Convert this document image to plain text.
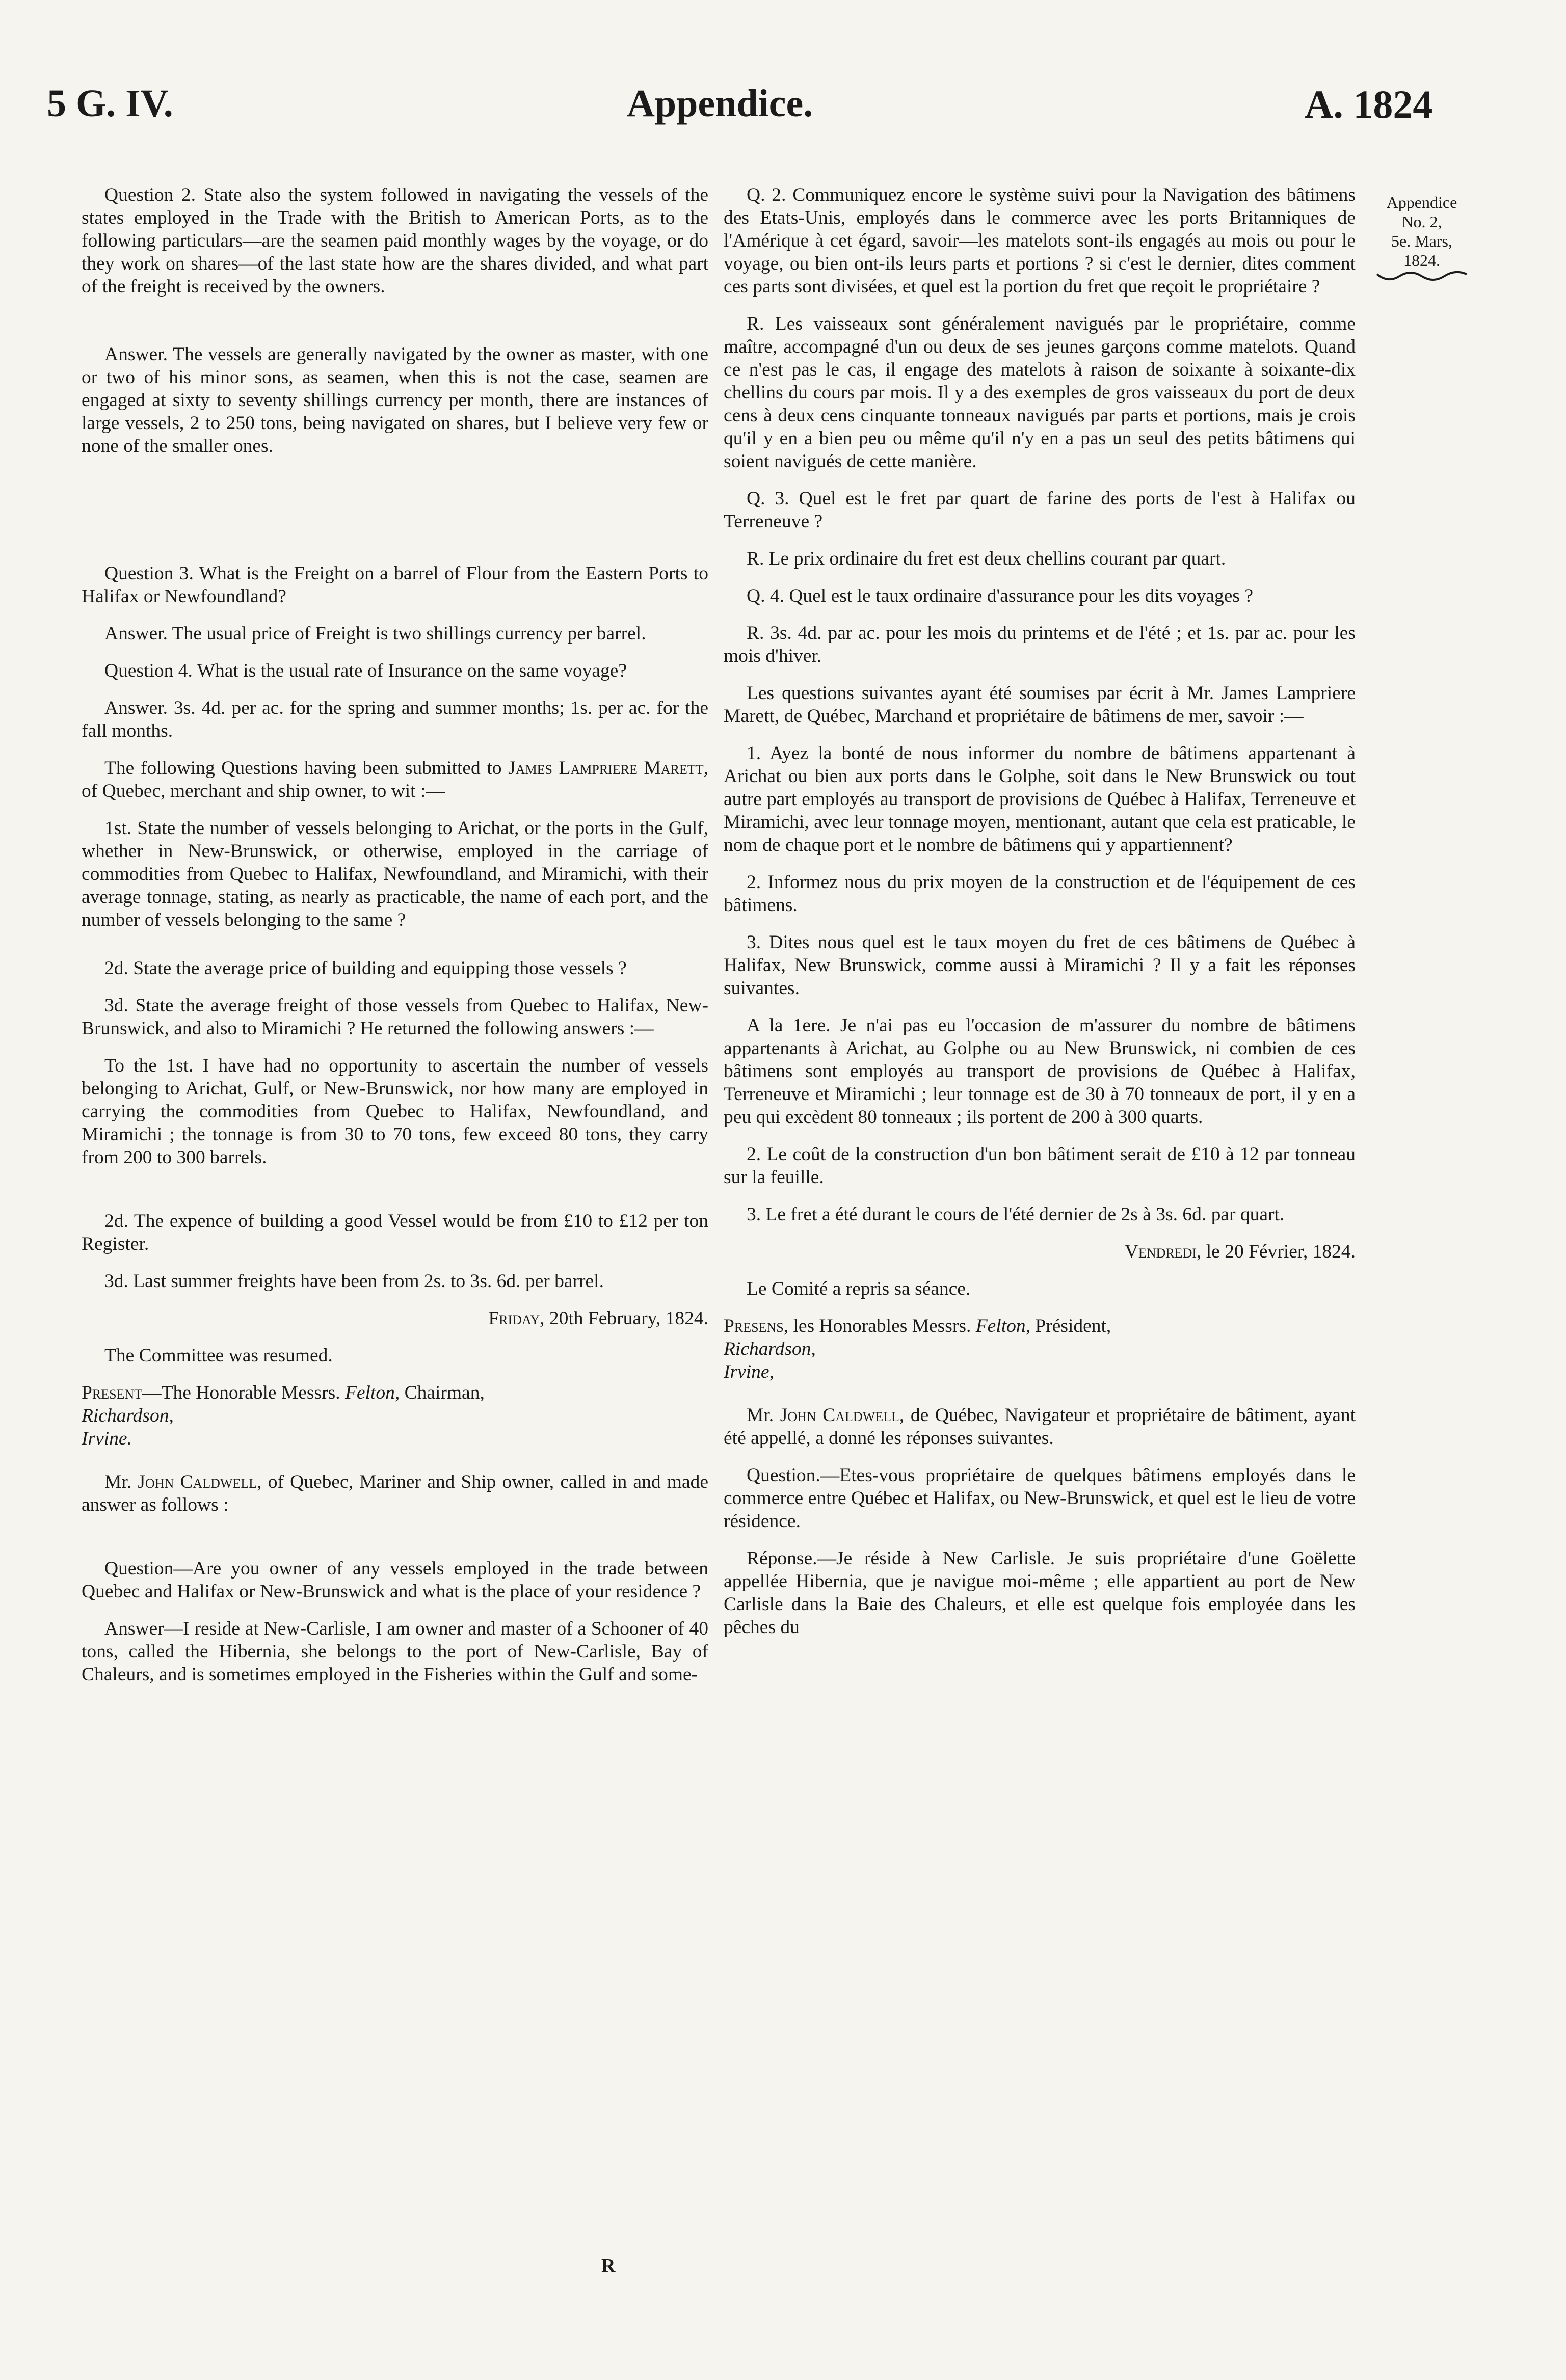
5 G. IV.	Appendice.	A. 1824

Question 2. State also the system followed in navigating the vessels of the states employed in the Trade with the British to American Ports, as to the following particulars—are the seamen paid monthly wages by the voyage, or do they work on shares—of the last state how are the shares divided, and what part of the freight is received by the owners.

Answer. The vessels are generally navigated by the owner as master, with one or two of his minor sons, as seamen, when this is not the case, seamen are engaged at sixty to seventy shillings currency per month, there are instances of large vessels, 2 to 250 tons, being navigated on shares, but I believe very few or none of the smaller ones.

Question 3. What is the Freight on a barrel of Flour from the Eastern Ports to Halifax or Newfoundland?

Answer. The usual price of Freight is two shillings currency per barrel.

Question 4. What is the usual rate of Insurance on the same voyage?

Answer. 3s. 4d. per ac. for the spring and summer months; 1s. per ac. for the fall months.

The following Questions having been submitted to James Lampriere Marett, of Quebec, merchant and ship owner, to wit :—

1st. State the number of vessels belonging to Arichat, or the ports in the Gulf, whether in New-Brunswick, or otherwise, employed in the carriage of commodities from Quebec to Halifax, Newfoundland, and Miramichi, with their average tonnage, stating, as nearly as practicable, the name of each port, and the number of vessels belonging to the same ?

2d. State the average price of building and equipping those vessels ?

3d. State the average freight of those vessels from Quebec to Halifax, New-Brunswick, and also to Miramichi ? He returned the following answers :—

To the 1st. I have had no opportunity to ascertain the number of vessels belonging to Arichat, Gulf, or New-Brunswick, nor how many are employed in carrying the commodities from Quebec to Halifax, Newfoundland, and Miramichi ; the tonnage is from 30 to 70 tons, few exceed 80 tons, they carry from 200 to 300 barrels.

2d. The expence of building a good Vessel would be from £10 to £12 per ton Register.

3d. Last summer freights have been from 2s. to 3s. 6d. per barrel.

Friday, 20th February, 1824.

The Committee was resumed.

Present—The Honorable Messrs. Felton, Chairman,

Richardson,

Irvine.

Mr. John Caldwell, of Quebec, Mariner and Ship owner, called in and made answer as follows :

Question—Are you owner of any vessels employed in the trade between Quebec and Halifax or New-Brunswick and what is the place of your residence ?

Answer—I reside at New-Carlisle, I am owner and master of a Schooner of 40 tons, called the Hibernia, she belongs to the port of New-Carlisle, Bay of Chaleurs, and is sometimes employed in the Fisheries within the Gulf and some-

Q. 2. Communiquez encore le système suivi pour la Navigation des bâtimens des Etats-Unis, employés dans le commerce avec les ports Britanniques de l'Amérique à cet égard, savoir—les matelots sont-ils engagés au mois ou pour le voyage, ou bien ont-ils leurs parts et portions ? si c'est le dernier, dites comment ces parts sont divisées, et quel est la portion du fret que reçoit le propriétaire ?

R. Les vaisseaux sont généralement navigués par le propriétaire, comme maître, accompagné d'un ou deux de ses jeunes garçons comme matelots. Quand ce n'est pas le cas, il engage des matelots à raison de soixante à soixante-dix chellins du cours par mois. Il y a des exemples de gros vaisseaux du port de deux cens à deux cens cinquante tonneaux navigués par parts et portions, mais je crois qu'il y en a bien peu ou même qu'il n'y en a pas un seul des petits bâtimens qui soient navigués de cette manière.

Q. 3. Quel est le fret par quart de farine des ports de l'est à Halifax ou Terreneuve ?

R. Le prix ordinaire du fret est deux chellins courant par quart.

Q. 4. Quel est le taux ordinaire d'assurance pour les dits voyages ?

R. 3s. 4d. par ac. pour les mois du printems et de l'été ; et 1s. par ac. pour les mois d'hiver.

Les questions suivantes ayant été soumises par écrit à Mr. James Lampriere Marett, de Québec, Marchand et propriétaire de bâtimens de mer, savoir :—

1. Ayez la bonté de nous informer du nombre de bâtimens appartenant à Arichat ou bien aux ports dans le Golphe, soit dans le New Brunswick ou tout autre part employés au transport de provisions de Québec à Halifax, Terreneuve et Miramichi, avec leur tonnage moyen, mentionant, autant que cela est praticable, le nom de chaque port et le nombre de bâtimens qui y appartiennent?

2. Informez nous du prix moyen de la construction et de l'équipement de ces bâtimens.

3. Dites nous quel est le taux moyen du fret de ces bâtimens de Québec à Halifax, New Brunswick, comme aussi à Miramichi ? Il y a fait les réponses suivantes.

A la 1ere. Je n'ai pas eu l'occasion de m'assurer du nombre de bâtimens appartenants à Arichat, au Golphe ou au New Brunswick, ni combien de ces bâtimens sont employés au transport de provisions de Québec à Halifax, Terreneuve et Miramichi ; leur tonnage est de 30 à 70 tonneaux de port, il y en a peu qui excèdent 80 tonneaux ; ils portent de 200 à 300 quarts.

2. Le coût de la construction d'un bon bâtiment serait de £10 à 12 par tonneau sur la feuille.

3. Le fret a été durant le cours de l'été dernier de 2s à 3s. 6d. par quart.

Vendredi, le 20 Février, 1824.

Le Comité a repris sa séance.

Presens, les Honorables Messrs. Felton, Président,

Richardson,

Irvine,

Mr. John Caldwell, de Québec, Navigateur et propriétaire de bâtiment, ayant été appellé, a donné les réponses suivantes.

Question.—Etes-vous propriétaire de quelques bâtimens employés dans le commerce entre Québec et Halifax, ou New-Brunswick, et quel est le lieu de votre résidence.

Réponse.—Je réside à New Carlisle. Je suis propriétaire d'une Goëlette appellée Hibernia, que je navigue moi-même ; elle appartient au port de New Carlisle dans la Baie des Chaleurs, et elle est quelque fois employée dans les pêches du

Appendice
No. 2,
5e. Mars,
1824.
R
